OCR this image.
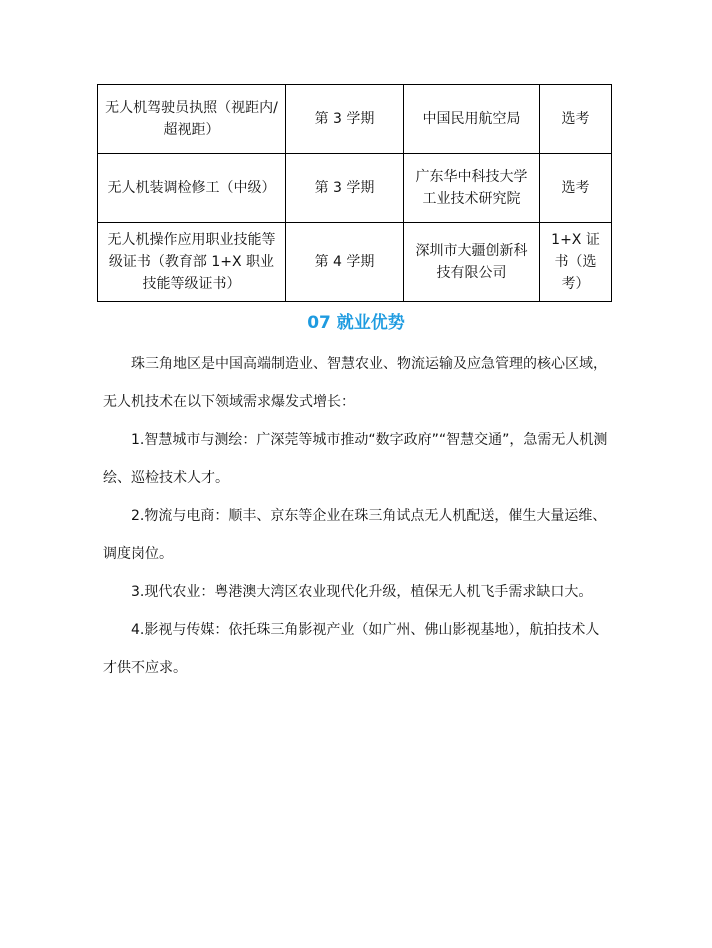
无人机驾驶员执照（视距内/超视距）	第 3 学期	中国民用航空局	选考
无人机装调检修工（中级）	第 3 学期	广东华中科技大学工业技术研究院	选考
无人机操作应用职业技能等级证书（教育部 1+X 职业技能等级证书）	第 4 学期	深圳市大疆创新科技有限公司	1+X 证书（选考）
07 就业优势

珠三角地区是中国高端制造业、智慧农业、物流运输及应急管理的核心区域，无人机技术在以下领域需求爆发式增长：

1.智慧城市与测绘：广深莞等城市推动“数字政府”“智慧交通”，急需无人机测绘、巡检技术人才。

2.物流与电商：顺丰、京东等企业在珠三角试点无人机配送，催生大量运维、调度岗位。

3.现代农业：粤港澳大湾区农业现代化升级，植保无人机飞手需求缺口大。

4.影视与传媒：依托珠三角影视产业（如广州、佛山影视基地），航拍技术人才供不应求。
